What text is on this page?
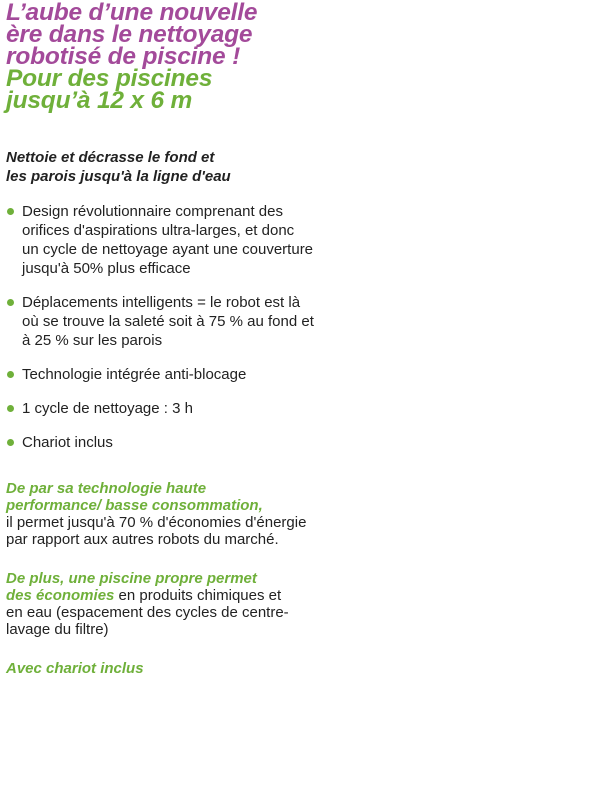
L’aube d’une nouvelle
ère dans le nettoyage
robotisé de piscine !
Pour des piscines
jusqu’à 12 x 6 m
Nettoie et décrasse le fond et
les parois jusqu'à la ligne d'eau
Design révolutionnaire comprenant des
orifices d'aspirations ultra-larges, et donc
un cycle de nettoyage ayant une couverture
jusqu'à 50% plus efficace
Déplacements intelligents = le robot est là
où se trouve la saleté soit à 75 % au fond et
à 25 % sur les parois
Technologie intégrée anti-blocage
1 cycle de nettoyage : 3 h
Chariot inclus

De par sa technologie haute
performance/ basse consommation,
il permet jusqu'à 70 % d'économies d'énergie
par rapport aux autres robots du marché.

De plus, une piscine propre permet
des économies en produits chimiques et
en eau (espacement des cycles de centre-
lavage du filtre)

Avec chariot inclus
